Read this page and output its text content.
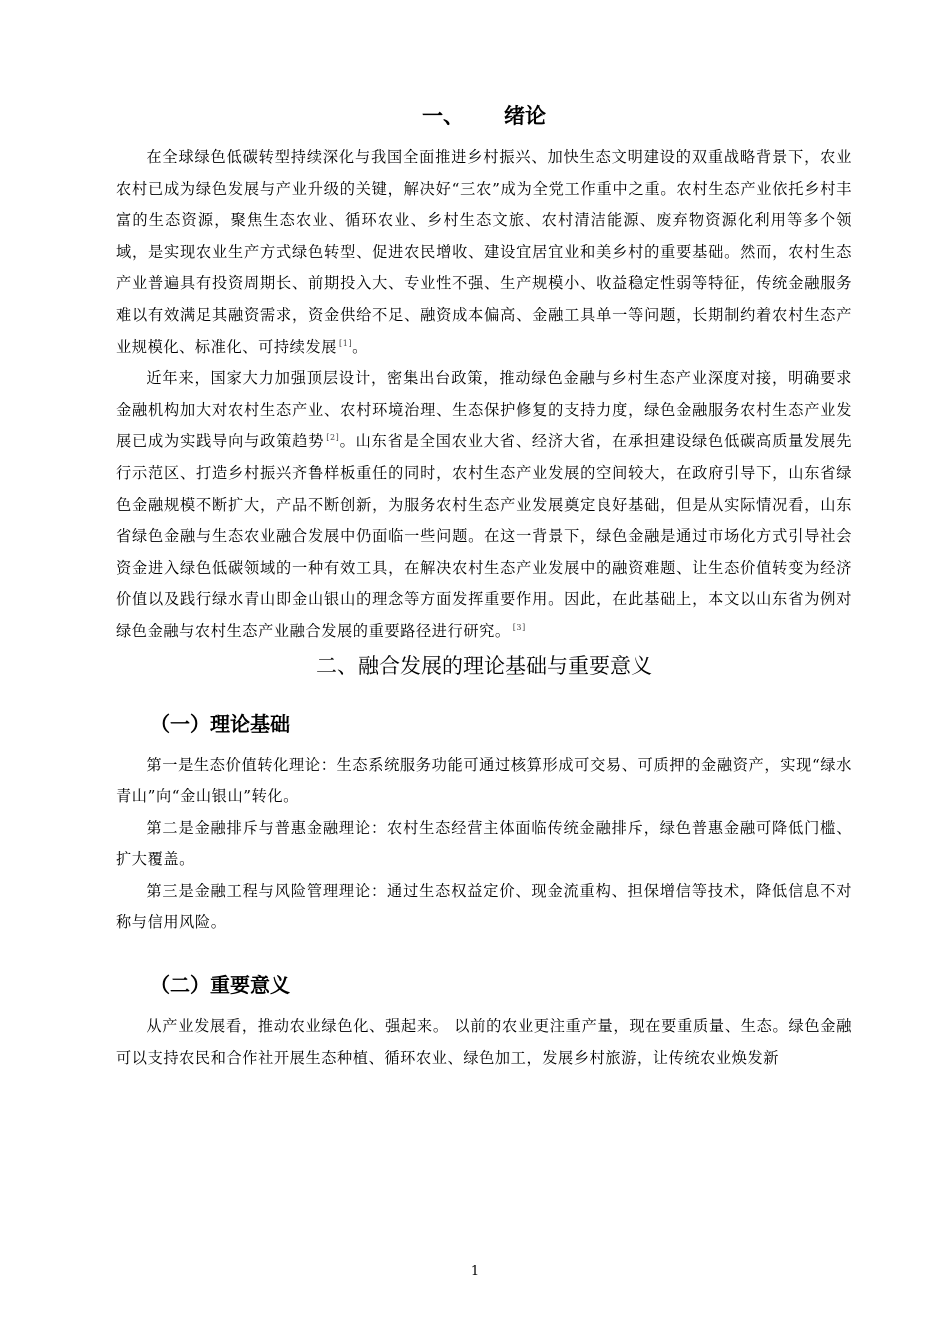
一、 绪论

在全球绿色低碳转型持续深化与我国全面推进乡村振兴、加快生态文明建设的双重战略背景下，农业农村已成为绿色发展与产业升级的关键，解决好“三农”成为全党工作重中之重。农村生态产业依托乡村丰富的生态资源，聚焦生态农业、循环农业、乡村生态文旅、农村清洁能源、废弃物资源化利用等多个领域，是实现农业生产方式绿色转型、促进农民增收、建设宜居宜业和美乡村的重要基础。然而，农村生态产业普遍具有投资周期长、前期投入大、专业性不强、生产规模小、收益稳定性弱等特征，传统金融服务难以有效满足其融资需求，资金供给不足、融资成本偏高、金融工具单一等问题，长期制约着农村生态产业规模化、标准化、可持续发展 [1]。

近年来，国家大力加强顶层设计，密集出台政策，推动绿色金融与乡村生态产业深度对接，明确要求金融机构加大对农村生态产业、农村环境治理、生态保护修复的支持力度，绿色金融服务农村生态产业发展已成为实践导向与政策趋势 [2]。山东省是全国农业大省、经济大省，在承担建设绿色低碳高质量发展先行示范区、打造乡村振兴齐鲁样板重任的同时，农村生态产业发展的空间较大，在政府引导下，山东省绿色金融规模不断扩大，产品不断创新，为服务农村生态产业发展奠定良好基础，但是从实际情况看，山东省绿色金融与生态农业融合发展中仍面临一些问题。在这一背景下，绿色金融是通过市场化方式引导社会资金进入绿色低碳领域的一种有效工具，在解决农村生态产业发展中的融资难题、让生态价值转变为经济价值以及践行绿水青山即金山银山的理念等方面发挥重要作用。因此，在此基础上，本文以山东省为例对绿色金融与农村生态产业融合发展的重要路径进行研究。 [3]

二、融合发展的理论基础与重要意义
（一）理论基础

第一是生态价值转化理论：生态系统服务功能可通过核算形成可交易、可质押的金融资产，实现“绿水青山”向“金山银山”转化。

第二是金融排斥与普惠金融理论：农村生态经营主体面临传统金融排斥，绿色普惠金融可降低门槛、扩大覆盖。

第三是金融工程与风险管理理论：通过生态权益定价、现金流重构、担保增信等技术，降低信息不对称与信用风险。

（二）重要意义

从产业发展看，推动农业绿色化、强起来。 以前的农业更注重产量，现在要重质量、生态。绿色金融可以支持农民和合作社开展生态种植、循环农业、绿色加工，发展乡村旅游，让传统农业焕发新

1
